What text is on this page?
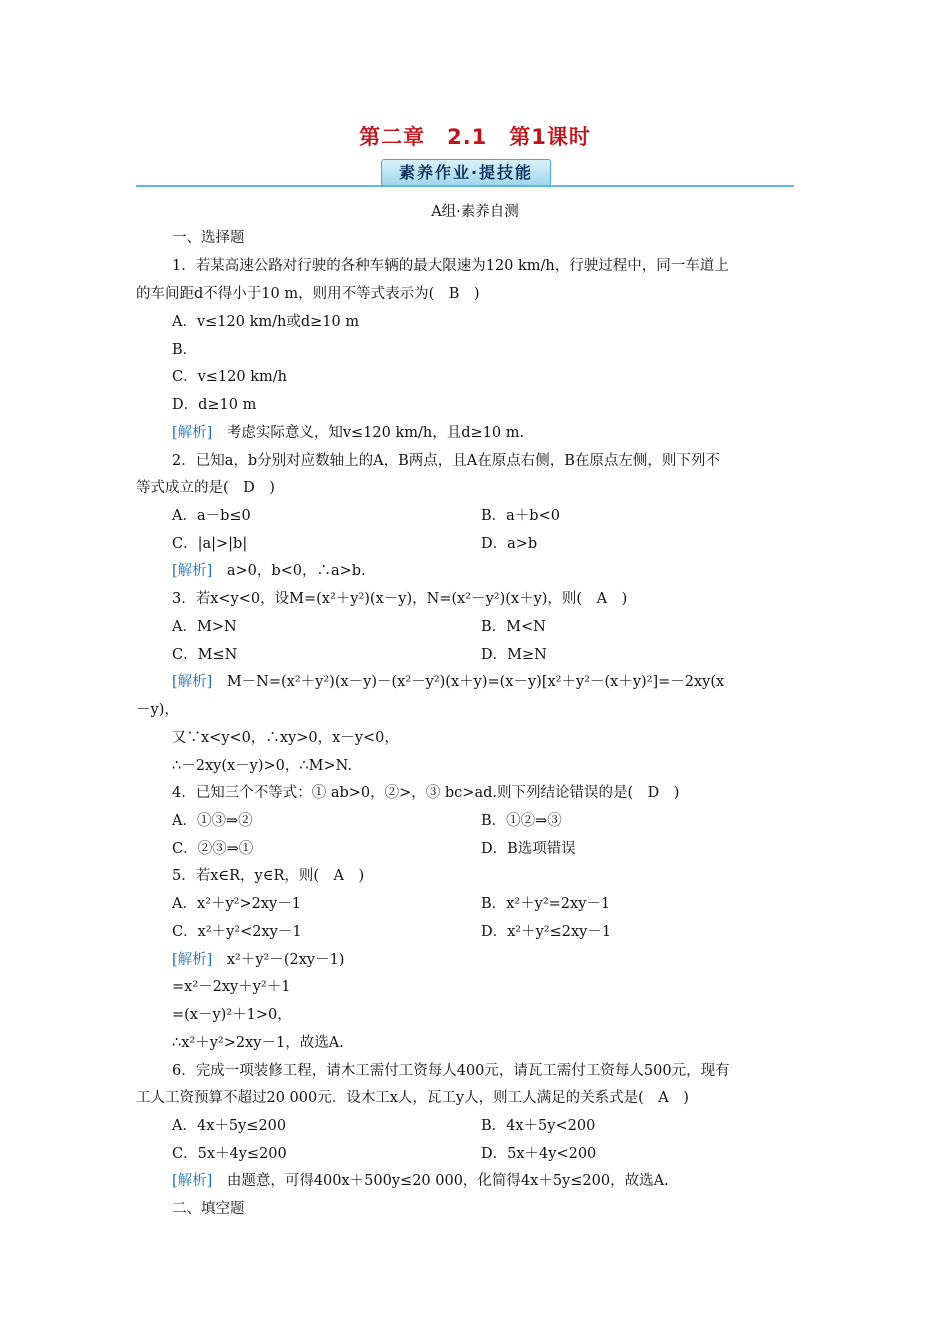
第二章　2.1　第1课时
素养作业·提技能
A组·素养自测
一、选择题
1．若某高速公路对行驶的各种车辆的最大限速为120 km/h，行驶过程中，同一车道上
的车间距d不得小于10 m，则用不等式表示为(　B　)
A．v≤120 km/h或d≥10 m
B．
C．v≤120 km/h
D．d≥10 m
[解析]　考虑实际意义，知v≤120 km/h，且d≥10 m.
2．已知a，b分别对应数轴上的A，B两点，且A在原点右侧，B在原点左侧，则下列不
等式成立的是(　D　)
A．a－b≤0	B．a＋b<0
C．|a|>|b|	D．a>b
[解析]　a>0，b<0，∴a>b.
3．若x<y<0，设M=(x²＋y²)(x－y)，N=(x²－y²)(x＋y)，则(　A　)
A．M>N	B．M<N
C．M≤N	D．M≥N
[解析]　M－N=(x²＋y²)(x－y)－(x²－y²)(x＋y)=(x－y)[x²＋y²－(x＋y)²]=－2xy(x
－y)，
又∵x<y<0，∴xy>0，x－y<0，
∴－2xy(x－y)>0，∴M>N.
4．已知三个不等式：① ab>0，②>，③ bc>ad.则下列结论错误的是(　D　)
A．①③⇒②	B．①②⇒③
C．②③⇒①	D．B选项错误
5．若x∈R，y∈R，则(　A　)
A．x²＋y²>2xy－1	B．x²＋y²=2xy－1
C．x²＋y²<2xy－1	D．x²＋y²≤2xy－1
[解析]　x²＋y²－(2xy－1)
=x²－2xy＋y²＋1
=(x－y)²＋1>0，
∴x²＋y²>2xy－1，故选A.
6．完成一项装修工程，请木工需付工资每人400元，请瓦工需付工资每人500元，现有
工人工资预算不超过20 000元．设木工x人，瓦工y人，则工人满足的关系式是(　A　)
A．4x＋5y≤200	B．4x＋5y<200
C．5x＋4y≤200	D．5x＋4y<200
[解析]　由题意，可得400x＋500y≤20 000，化简得4x＋5y≤200，故选A.
二、填空题
